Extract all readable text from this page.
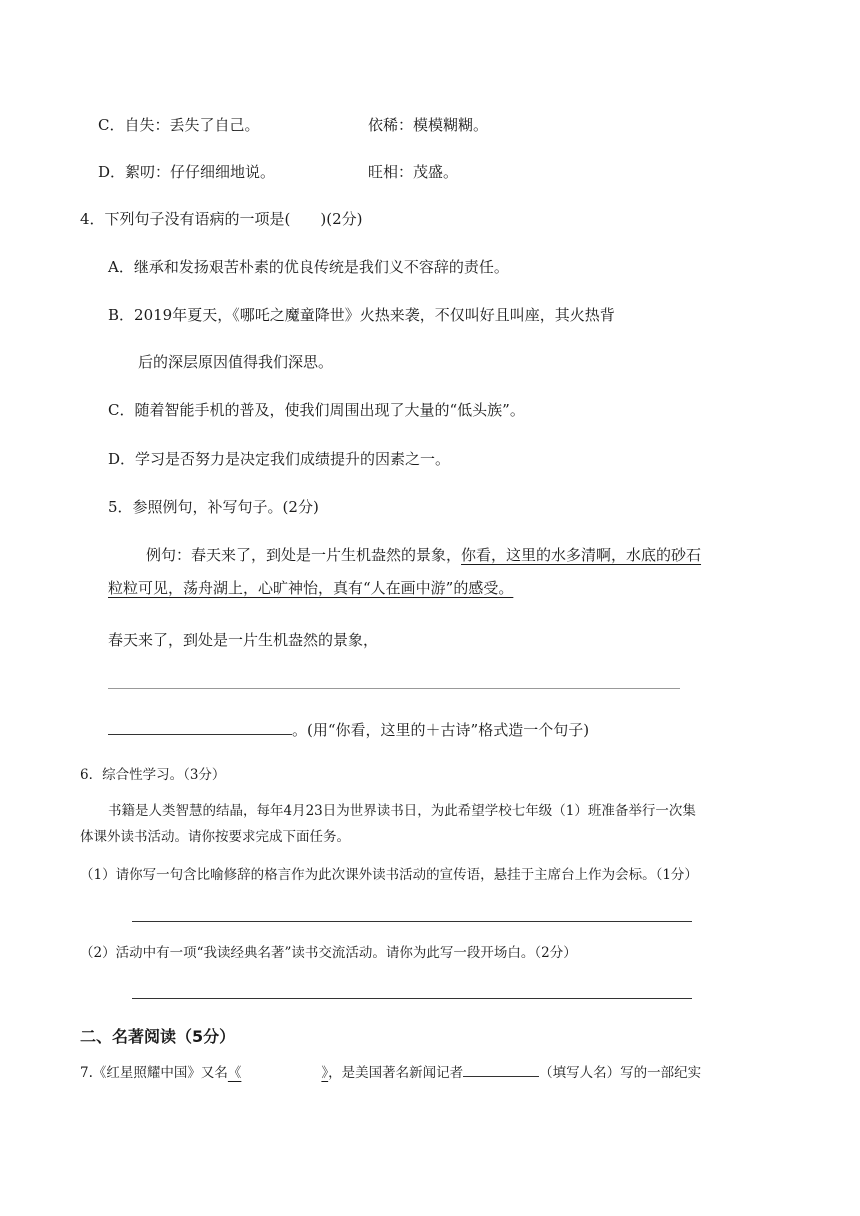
C．自失：丢失了自己。	依稀：模模糊糊。
D．絮叨：仔仔细细地说。	旺相：茂盛。
4．下列句子没有语病的一项是(　　)(2分)
A．继承和发扬艰苦朴素的优良传统是我们义不容辞的责任。
B．2019年夏天，《哪吒之魔童降世》火热来袭，不仅叫好且叫座，其火热背
后的深层原因值得我们深思。
C．随着智能手机的普及，使我们周围出现了大量的“低头族”。
D．学习是否努力是决定我们成绩提升的因素之一。
5．参照例句，补写句子。(2分)
例句：春天来了，到处是一片生机盎然的景象，你看，这里的水多清啊，水底的砂石
粒粒可见，荡舟湖上，心旷神怡，真有“人在画中游”的感受。
春天来了，到处是一片生机盎然的景象，
。(用“你看，这里的＋古诗”格式造一个句子)
6．综合性学习。（3分）
书籍是人类智慧的结晶，每年4月23日为世界读书日，为此希望学校七年级（1）班准备举行一次集
体课外读书活动。请你按要求完成下面任务。
（1）请你写一句含比喻修辞的格言作为此次课外读书活动的宣传语，悬挂于主席台上作为会标。（1分）
（2）活动中有一项“我读经典名著”读书交流活动。请你为此写一段开场白。（2分）
二、名著阅读（5分）
7.《红星照耀中国》又名《	》，是美国著名新闻记者	（填写人名）写的一部纪实
